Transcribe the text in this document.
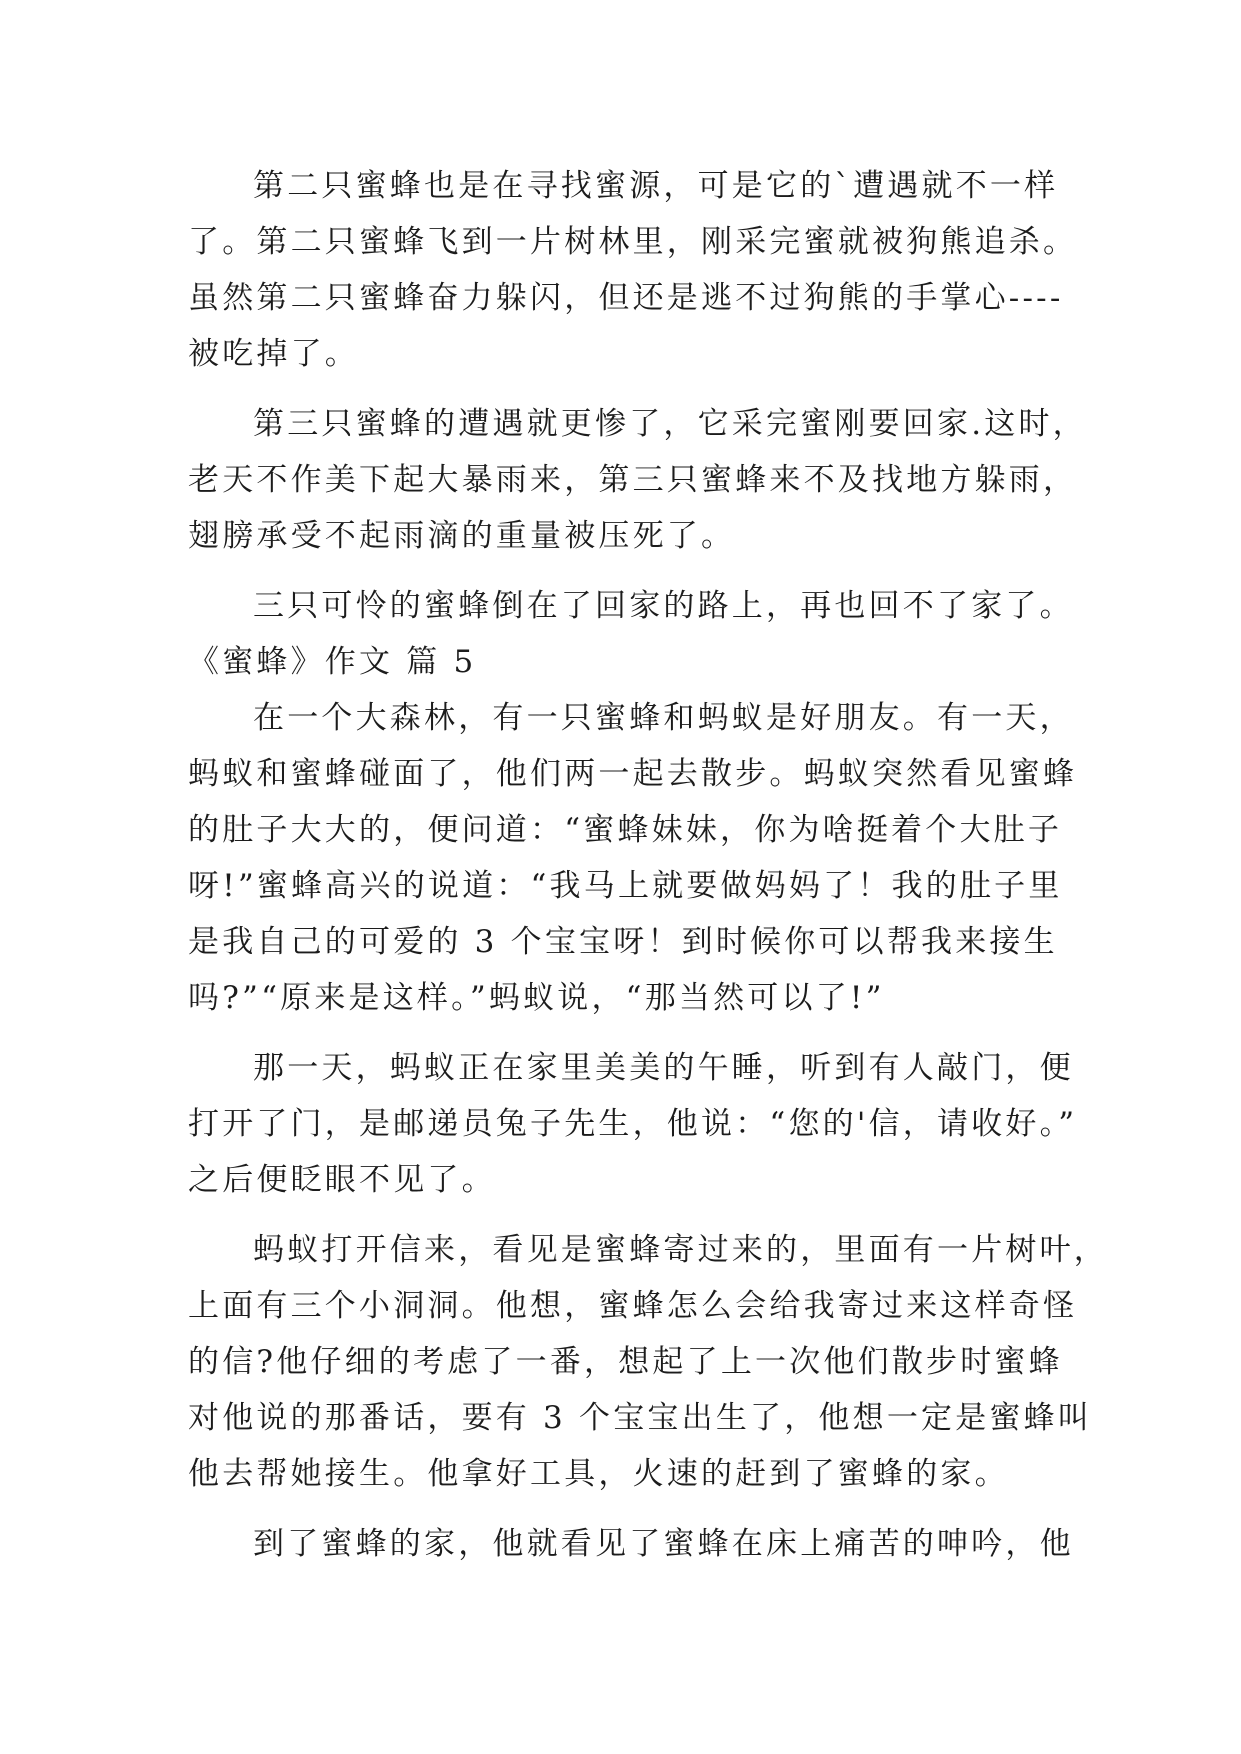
第二只蜜蜂也是在寻找蜜源，可是它的`遭遇就不一样
了。第二只蜜蜂飞到一片树林里，刚采完蜜就被狗熊追杀。
虽然第二只蜜蜂奋力躲闪，但还是逃不过狗熊的手掌心----
被吃掉了。
第三只蜜蜂的遭遇就更惨了，它采完蜜刚要回家.这时，
老天不作美下起大暴雨来，第三只蜜蜂来不及找地方躲雨，
翅膀承受不起雨滴的重量被压死了。
三只可怜的蜜蜂倒在了回家的路上，再也回不了家了。
《蜜蜂》作文 篇 5
在一个大森林，有一只蜜蜂和蚂蚁是好朋友。有一天，
蚂蚁和蜜蜂碰面了，他们两一起去散步。蚂蚁突然看见蜜蜂
的肚子大大的，便问道：“蜜蜂妹妹，你为啥挺着个大肚子
呀!”蜜蜂高兴的说道：“我马上就要做妈妈了！我的肚子里
是我自己的可爱的 3 个宝宝呀！到时候你可以帮我来接生
吗?”“原来是这样。”蚂蚁说，“那当然可以了!”
那一天，蚂蚁正在家里美美的午睡，听到有人敲门，便
打开了门，是邮递员兔子先生，他说：“您的'信，请收好。”
之后便眨眼不见了。
蚂蚁打开信来，看见是蜜蜂寄过来的，里面有一片树叶，
上面有三个小洞洞。他想，蜜蜂怎么会给我寄过来这样奇怪
的信?他仔细的考虑了一番，想起了上一次他们散步时蜜蜂
对他说的那番话，要有 3 个宝宝出生了，他想一定是蜜蜂叫
他去帮她接生。他拿好工具，火速的赶到了蜜蜂的家。
到了蜜蜂的家，他就看见了蜜蜂在床上痛苦的呻吟，他
